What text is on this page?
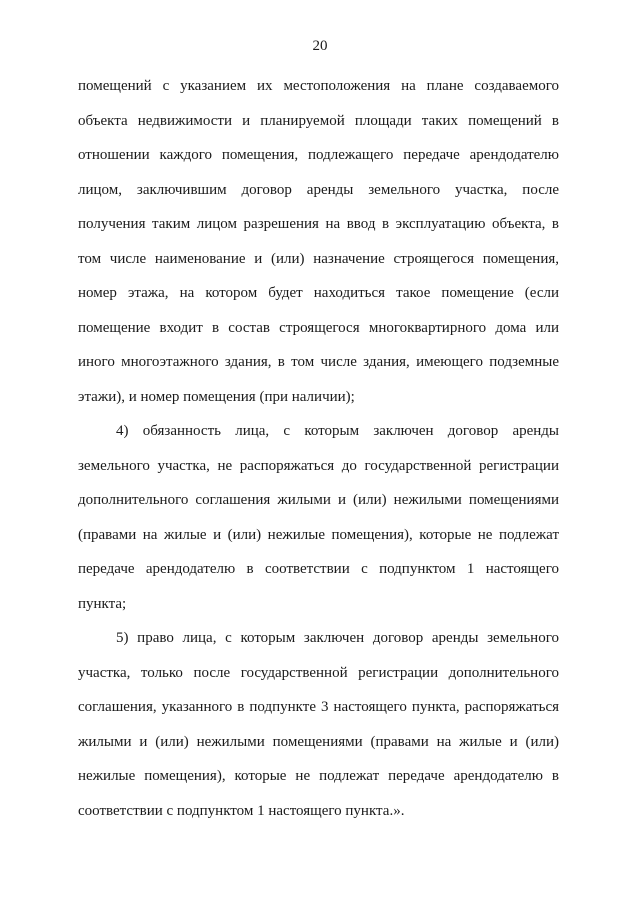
20
помещений с указанием их местоположения на плане создаваемого
объекта недвижимости и планируемой площади таких помещений в
отношении каждого помещения, подлежащего передаче арендодателю
лицом, заключившим договор аренды земельного участка, после
получения таким лицом разрешения на ввод в эксплуатацию объекта, в
том числе наименование и (или) назначение строящегося помещения,
номер этажа, на котором будет находиться такое помещение (если
помещение входит в состав строящегося многоквартирного дома или
иного многоэтажного здания, в том числе здания, имеющего подземные
этажи), и номер помещения (при наличии);
4) обязанность лица, с которым заключен договор аренды
земельного участка, не распоряжаться до государственной регистрации
дополнительного соглашения жилыми и (или) нежилыми помещениями
(правами на жилые и (или) нежилые помещения), которые не подлежат
передаче арендодателю в соответствии с подпунктом 1 настоящего
пункта;
5) право лица, с которым заключен договор аренды земельного
участка, только после государственной регистрации дополнительного
соглашения, указанного в подпункте 3 настоящего пункта, распоряжаться
жилыми и (или) нежилыми помещениями (правами на жилые и (или)
нежилые помещения), которые не подлежат передаче арендодателю в
соответствии с подпунктом 1 настоящего пункта.».
